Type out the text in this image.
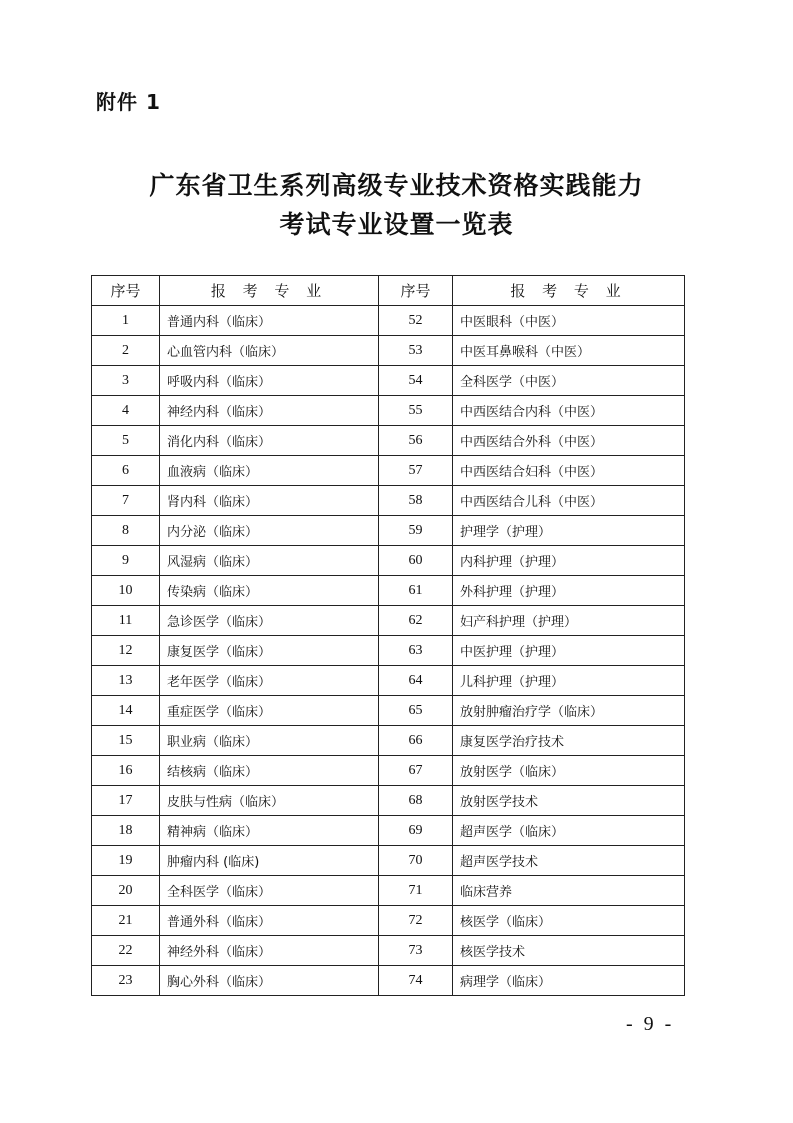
附件 1
广东省卫生系列高级专业技术资格实践能力
考试专业设置一览表
序号	报 考 专 业	序号	报 考 专 业
1	普通内科（临床）	52	中医眼科（中医）
2	心血管内科（临床）	53	中医耳鼻喉科（中医）
3	呼吸内科（临床）	54	全科医学（中医）
4	神经内科（临床）	55	中西医结合内科（中医）
5	消化内科（临床）	56	中西医结合外科（中医）
6	血液病（临床）	57	中西医结合妇科（中医）
7	肾内科（临床）	58	中西医结合儿科（中医）
8	内分泌（临床）	59	护理学（护理）
9	风湿病（临床）	60	内科护理（护理）
10	传染病（临床）	61	外科护理（护理）
11	急诊医学（临床）	62	妇产科护理（护理）
12	康复医学（临床）	63	中医护理（护理）
13	老年医学（临床）	64	儿科护理（护理）
14	重症医学（临床）	65	放射肿瘤治疗学（临床）
15	职业病（临床）	66	康复医学治疗技术
16	结核病（临床）	67	放射医学（临床）
17	皮肤与性病（临床）	68	放射医学技术
18	精神病（临床）	69	超声医学（临床）
19	肿瘤内科 (临床)	70	超声医学技术
20	全科医学（临床）	71	临床营养
21	普通外科（临床）	72	核医学（临床）
22	神经外科（临床）	73	核医学技术
23	胸心外科（临床）	74	病理学（临床）
- 9 -
